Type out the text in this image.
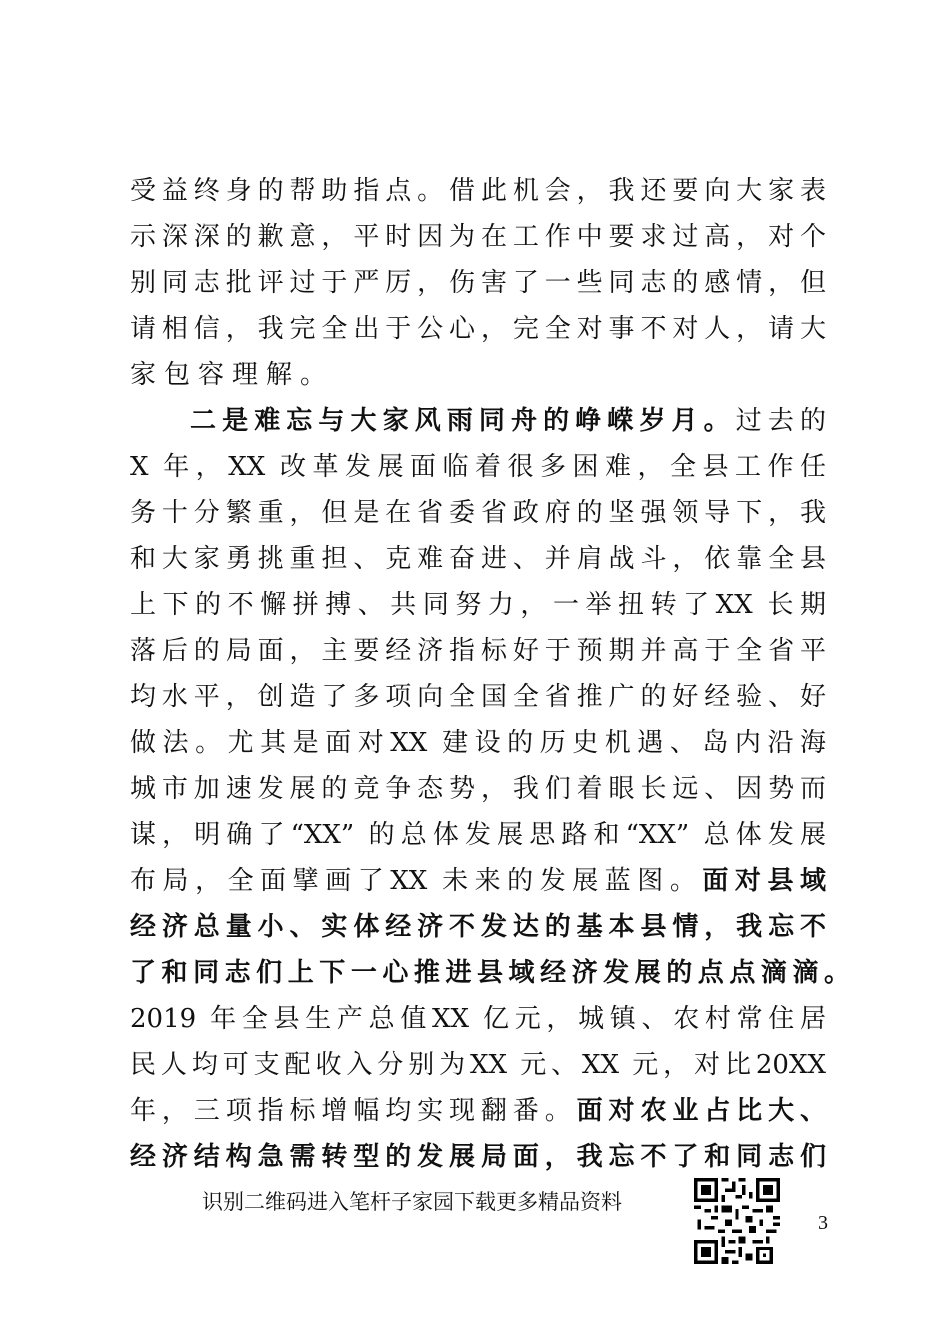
受益终身的帮助指点。借此机会，我还要向大家表
示深深的歉意，平时因为在工作中要求过高，对个
别同志批评过于严厉，伤害了一些同志的感情，但
请相信，我完全出于公心，完全对事不对人，请大
家包容理解。
二是难忘与大家风雨同舟的峥嵘岁月。过去的
X 年，XX 改革发展面临着很多困难，全县工作任
务十分繁重，但是在省委省政府的坚强领导下，我
和大家勇挑重担、克难奋进、并肩战斗，依靠全县
上下的不懈拼搏、共同努力，一举扭转了XX 长期
落后的局面，主要经济指标好于预期并高于全省平
均水平，创造了多项向全国全省推广的好经验、好
做法。尤其是面对XX 建设的历史机遇、岛内沿海
城市加速发展的竞争态势，我们着眼长远、因势而
谋，明确了“XX” 的总体发展思路和“XX” 总体发展
布局，全面擘画了XX 未来的发展蓝图。面对县域
经济总量小、实体经济不发达的基本县情，我忘不
了和同志们上下一心推进县域经济发展的点点滴滴。
2019 年全县生产总值XX 亿元，城镇、农村常住居
民人均可支配收入分别为XX 元、XX 元，对比20XX
年，三项指标增幅均实现翻番。面对农业占比大、
经济结构急需转型的发展局面，我忘不了和同志们
识别二维码进入笔杆子家园下载更多精品资料
3
